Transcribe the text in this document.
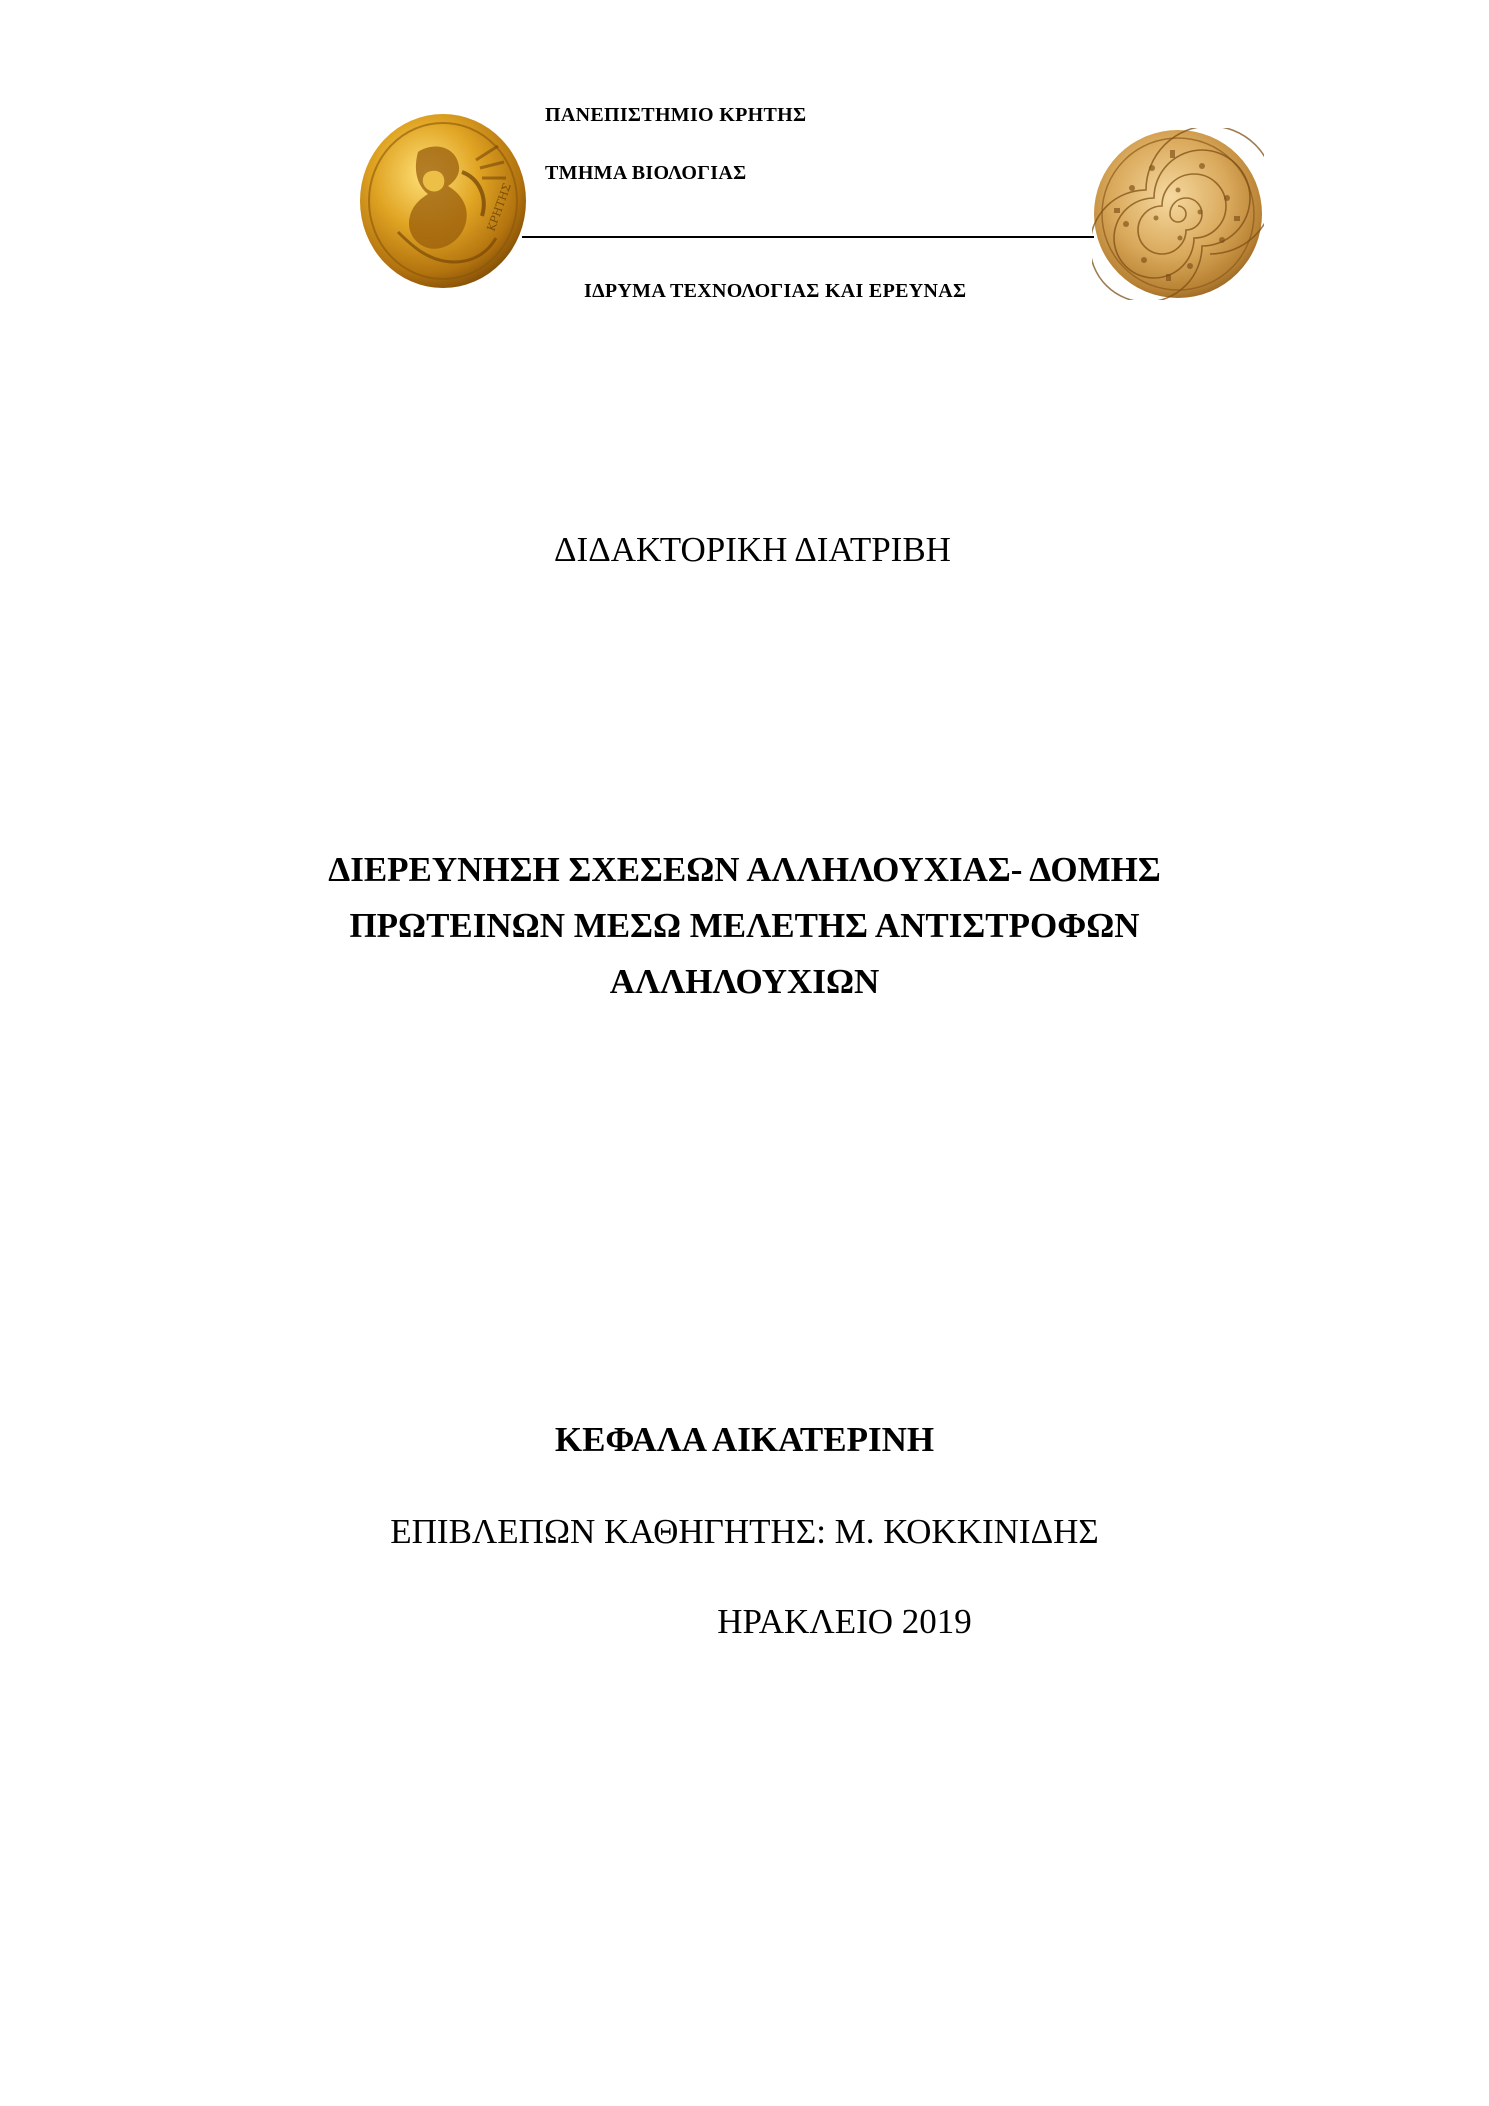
ΚΡΗΤΗΣ
ΠΑΝΕΠΙΣΤΗΜΙΟ ΚΡΗΤΗΣ
ΤΜΗΜΑ ΒΙΟΛΟΓΙΑΣ
ΙΔΡΥΜΑ ΤΕΧΝΟΛΟΓΙΑΣ ΚΑΙ ΕΡΕΥΝΑΣ
ΔΙΔΑΚΤΟΡΙΚΗ ΔΙΑΤΡΙΒΗ
ΔΙΕΡΕΥΝΗΣΗ ΣΧΕΣΕΩΝ ΑΛΛΗΛΟΥΧΙΑΣ- ΔΟΜΗΣ
ΠΡΩΤΕΙΝΩΝ ΜΕΣΩ ΜΕΛΕΤΗΣ ΑΝΤΙΣΤΡΟΦΩΝ
ΑΛΛΗΛΟΥΧΙΩΝ
ΚΕΦΑΛΑ ΑΙΚΑΤΕΡΙΝΗ
ΕΠΙΒΛΕΠΩΝ ΚΑΘΗΓΗΤΗΣ: Μ. ΚΟΚΚΙΝΙΔΗΣ
ΗΡΑΚΛΕΙΟ 2019
